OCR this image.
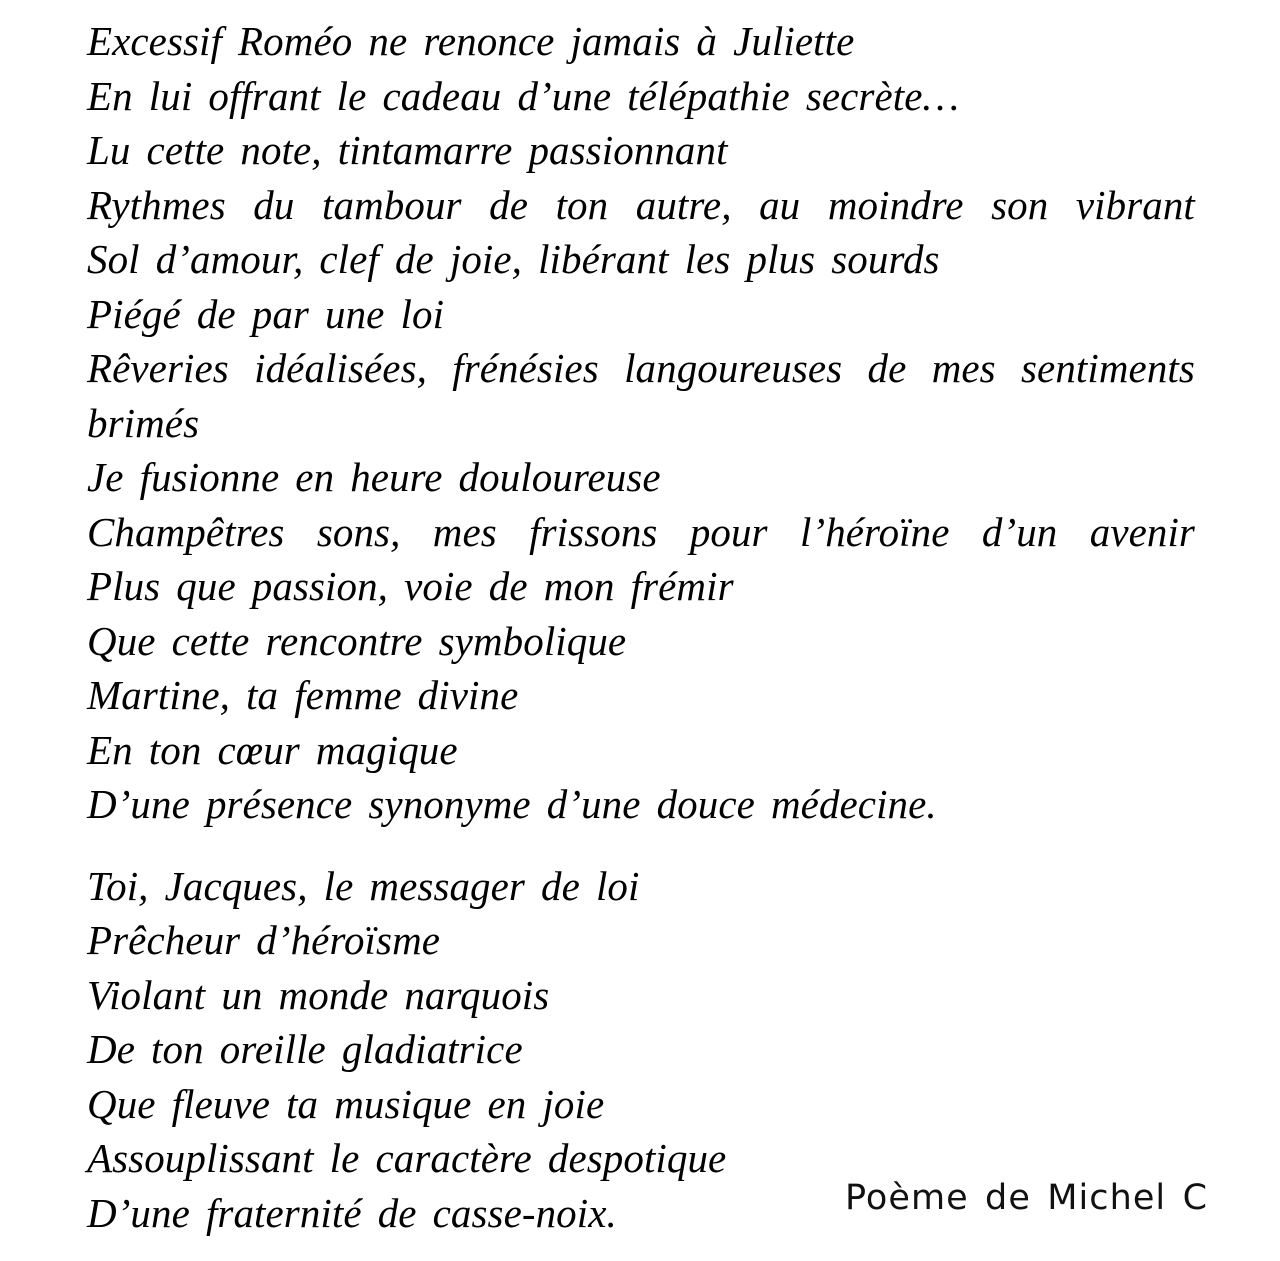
Excessif Roméo ne renonce jamais à Juliette
En lui offrant le cadeau d’une télépathie secrète…
Lu cette note, tintamarre passionnant
Rythmes du tambour de ton autre, au moindre son vibrant
Sol d’amour, clef de joie, libérant les plus sourds
Piégé de par une loi
Rêveries idéalisées, frénésies langoureuses de mes sentiments
brimés
Je fusionne en heure douloureuse
Champêtres sons, mes frissons pour l’héroïne d’un avenir
Plus que passion, voie de mon frémir
Que cette rencontre symbolique
Martine, ta femme divine
En ton cœur magique
D’une présence synonyme d’une douce médecine.
Toi, Jacques, le messager de loi
Prêcheur d’héroïsme
Violant un monde narquois
De ton oreille gladiatrice
Que fleuve ta musique en joie
Assouplissant le caractère despotique
D’une fraternité de casse-noix.	Poème de Michel C
